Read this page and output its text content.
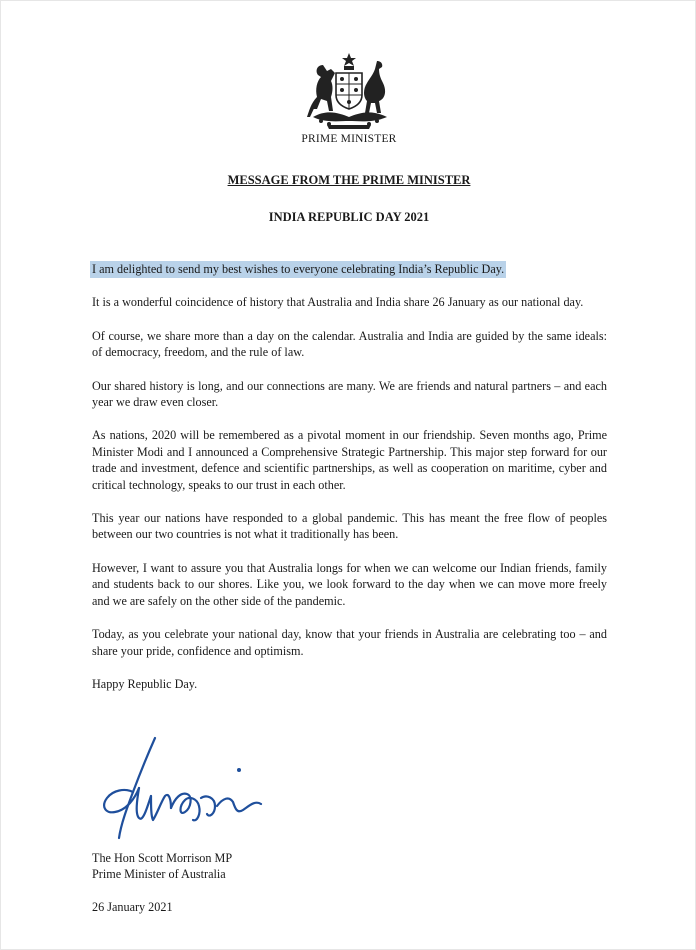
PRIME MINISTER
MESSAGE FROM THE PRIME MINISTER
INDIA REPUBLIC DAY 2021

I am delighted to send my best wishes to everyone celebrating India’s Republic Day.

It is a wonderful coincidence of history that Australia and India share 26 January as our national day.

Of course, we share more than a day on the calendar. Australia and India are guided by the same ideals: of democracy, freedom, and the rule of law.

Our shared history is long, and our connections are many. We are friends and natural partners – and each year we draw even closer.

As nations, 2020 will be remembered as a pivotal moment in our friendship. Seven months ago, Prime Minister Modi and I announced a Comprehensive Strategic Partnership. This major step forward for our trade and investment, defence and scientific partnerships, as well as cooperation on maritime, cyber and critical technology, speaks to our trust in each other.

This year our nations have responded to a global pandemic. This has meant the free flow of peoples between our two countries is not what it traditionally has been.

However, I want to assure you that Australia longs for when we can welcome our Indian friends, family and students back to our shores. Like you, we look forward to the day when we can move more freely and we are safely on the other side of the pandemic.

Today, as you celebrate your national day, know that your friends in Australia are celebrating too – and share your pride, confidence and optimism.

Happy Republic Day.

The Hon Scott Morrison MP
Prime Minister of Australia
26 January 2021
